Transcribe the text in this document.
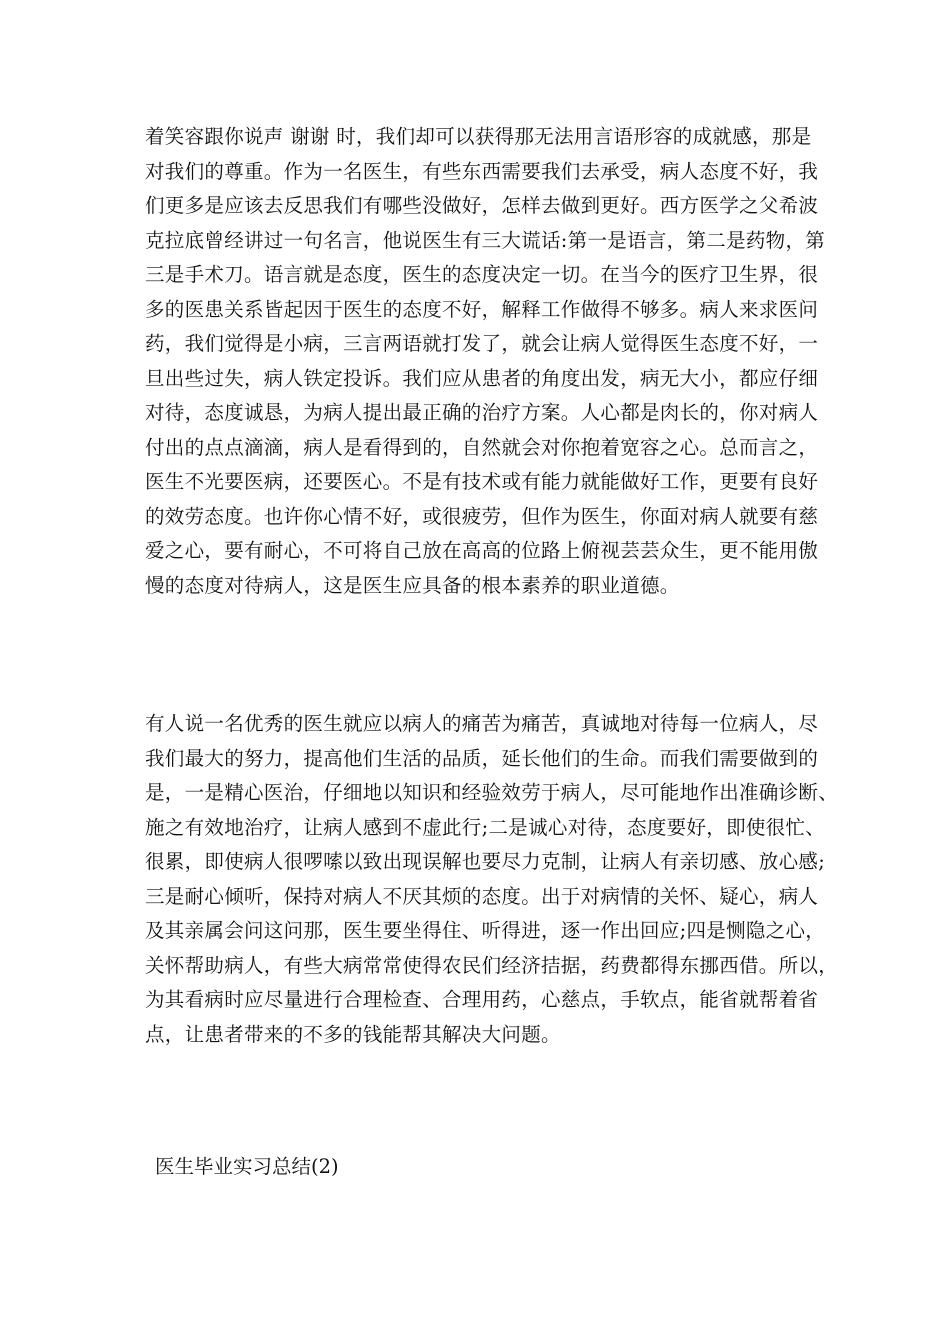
着笑容跟你说声 谢谢 时，我们却可以获得那无法用言语形容的成就感，那是
对我们的尊重。作为一名医生，有些东西需要我们去承受，病人态度不好，我
们更多是应该去反思我们有哪些没做好，怎样去做到更好。西方医学之父希波
克拉底曾经讲过一句名言，他说医生有三大谎话:第一是语言，第二是药物，第
三是手术刀。语言就是态度，医生的态度决定一切。在当今的医疗卫生界，很
多的医患关系皆起因于医生的态度不好，解释工作做得不够多。病人来求医问
药，我们觉得是小病，三言两语就打发了，就会让病人觉得医生态度不好，一
旦出些过失，病人铁定投诉。我们应从患者的角度出发，病无大小，都应仔细
对待，态度诚恳，为病人提出最正确的治疗方案。人心都是肉长的，你对病人
付出的点点滴滴，病人是看得到的，自然就会对你抱着宽容之心。总而言之，
医生不光要医病，还要医心。不是有技术或有能力就能做好工作，更要有良好
的效劳态度。也许你心情不好，或很疲劳，但作为医生，你面对病人就要有慈
爱之心，要有耐心，不可将自己放在高高的位路上俯视芸芸众生，更不能用傲
慢的态度对待病人，这是医生应具备的根本素养的职业道德。
有人说一名优秀的医生就应以病人的痛苦为痛苦，真诚地对待每一位病人，尽
我们最大的努力，提高他们生活的品质，延长他们的生命。而我们需要做到的
是，一是精心医治，仔细地以知识和经验效劳于病人，尽可能地作出准确诊断、
施之有效地治疗，让病人感到不虚此行;二是诚心对待，态度要好，即使很忙、
很累，即使病人很啰嗦以致出现误解也要尽力克制，让病人有亲切感、放心感;
三是耐心倾听，保持对病人不厌其烦的态度。出于对病情的关怀、疑心，病人
及其亲属会问这问那，医生要坐得住、听得进，逐一作出回应;四是恻隐之心，
关怀帮助病人，有些大病常常使得农民们经济拮据，药费都得东挪西借。所以，
为其看病时应尽量进行合理检查、合理用药，心慈点，手软点，能省就帮着省
点，让患者带来的不多的钱能帮其解决大问题。
医生毕业实习总结(2)
